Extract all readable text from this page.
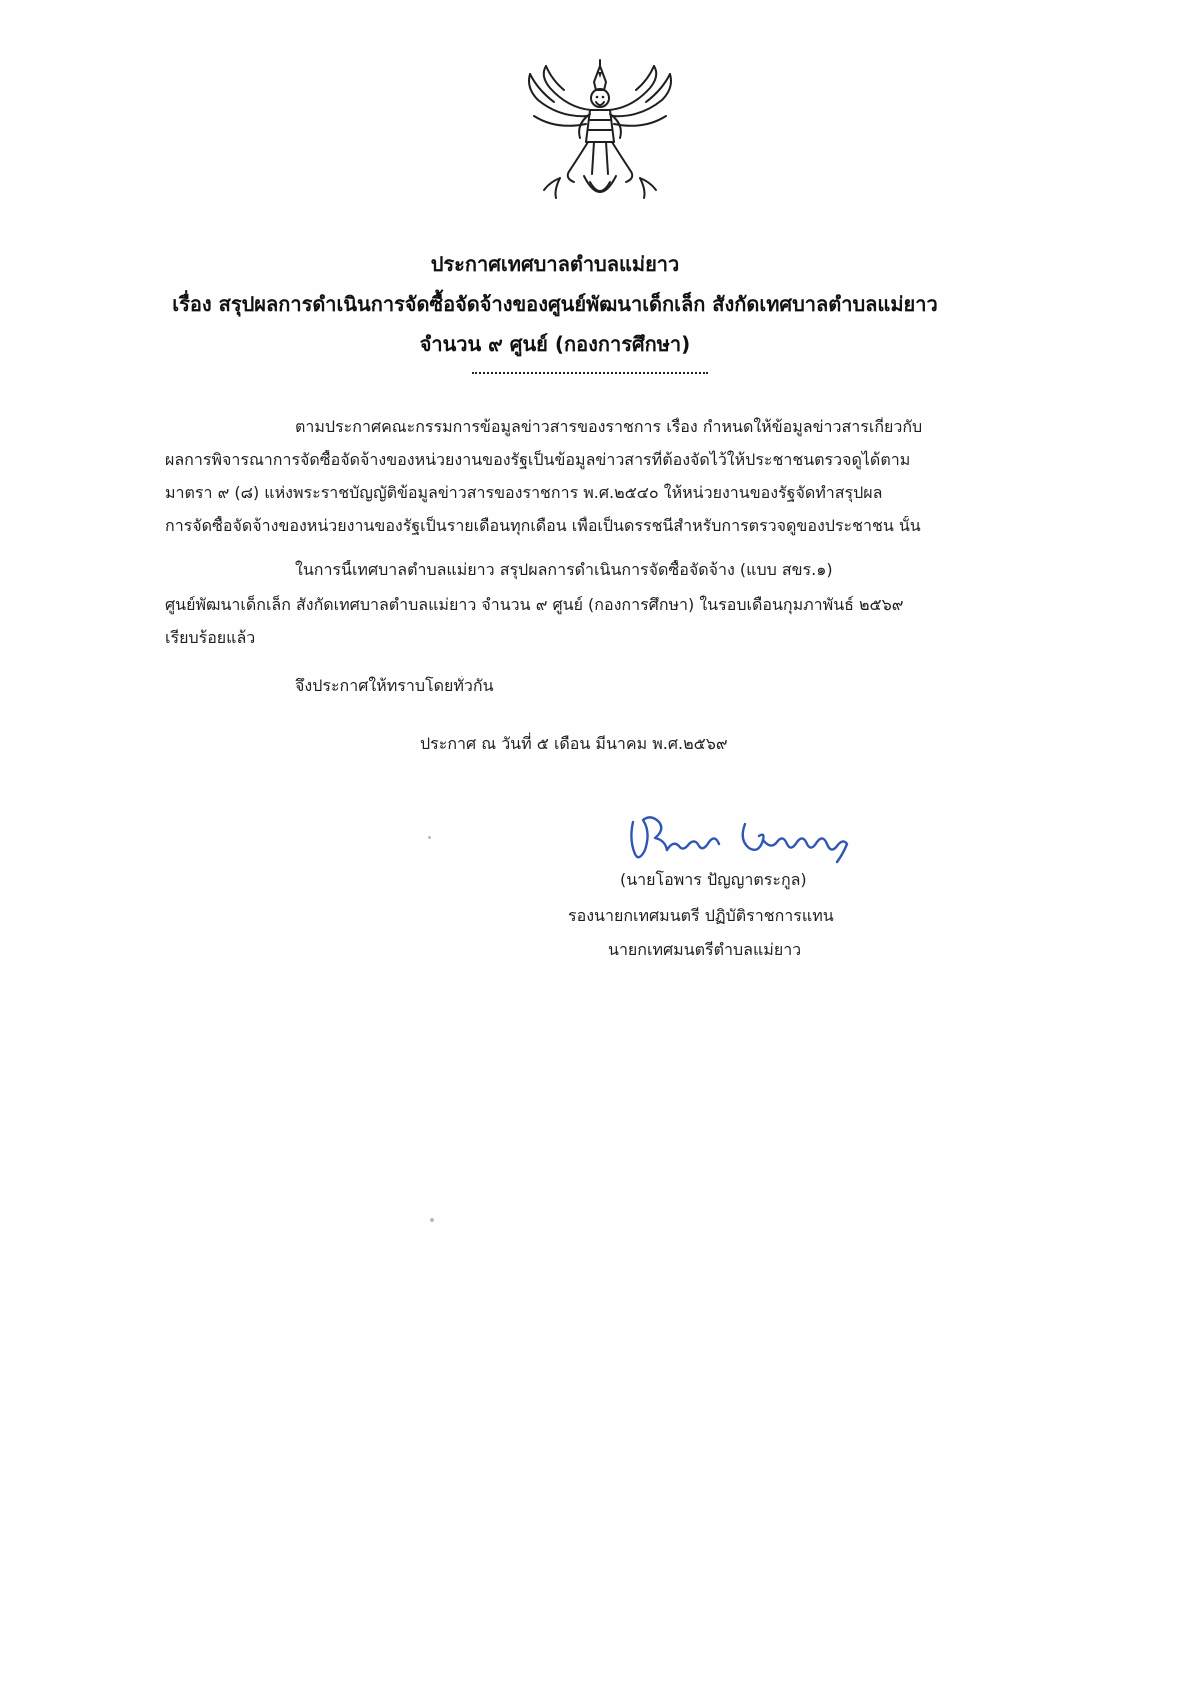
ประกาศเทศบาลตำบลแม่ยาว
เรื่อง สรุปผลการดำเนินการจัดซื้อจัดจ้างของศูนย์พัฒนาเด็กเล็ก สังกัดเทศบาลตำบลแม่ยาว
จำนวน ๙ ศูนย์ (กองการศึกษา)
ตามประกาศคณะกรรมการข้อมูลข่าวสารของราชการ เรื่อง กำหนดให้ข้อมูลข่าวสารเกี่ยวกับ
ผลการพิจารณาการจัดซื้อจัดจ้างของหน่วยงานของรัฐเป็นข้อมูลข่าวสารที่ต้องจัดไว้ให้ประชาชนตรวจดูได้ตาม
มาตรา ๙ (๘) แห่งพระราชบัญญัติข้อมูลข่าวสารของราชการ พ.ศ.๒๕๔๐ ให้หน่วยงานของรัฐจัดทำสรุปผล
การจัดซื้อจัดจ้างของหน่วยงานของรัฐเป็นรายเดือนทุกเดือน เพื่อเป็นดรรชนีสำหรับการตรวจดูของประชาชน นั้น
ในการนี้เทศบาลตำบลแม่ยาว สรุปผลการดำเนินการจัดซื้อจัดจ้าง (แบบ สขร.๑)
ศูนย์พัฒนาเด็กเล็ก สังกัดเทศบาลตำบลแม่ยาว จำนวน ๙ ศูนย์ (กองการศึกษา) ในรอบเดือนกุมภาพันธ์ ๒๕๖๙
เรียบร้อยแล้ว
จึงประกาศให้ทราบโดยทั่วกัน
ประกาศ ณ วันที่ ๕ เดือน มีนาคม พ.ศ.๒๕๖๙
(นายโอพาร ปัญญาตระกูล)
รองนายกเทศมนตรี ปฏิบัติราชการแทน
นายกเทศมนตรีตำบลแม่ยาว
